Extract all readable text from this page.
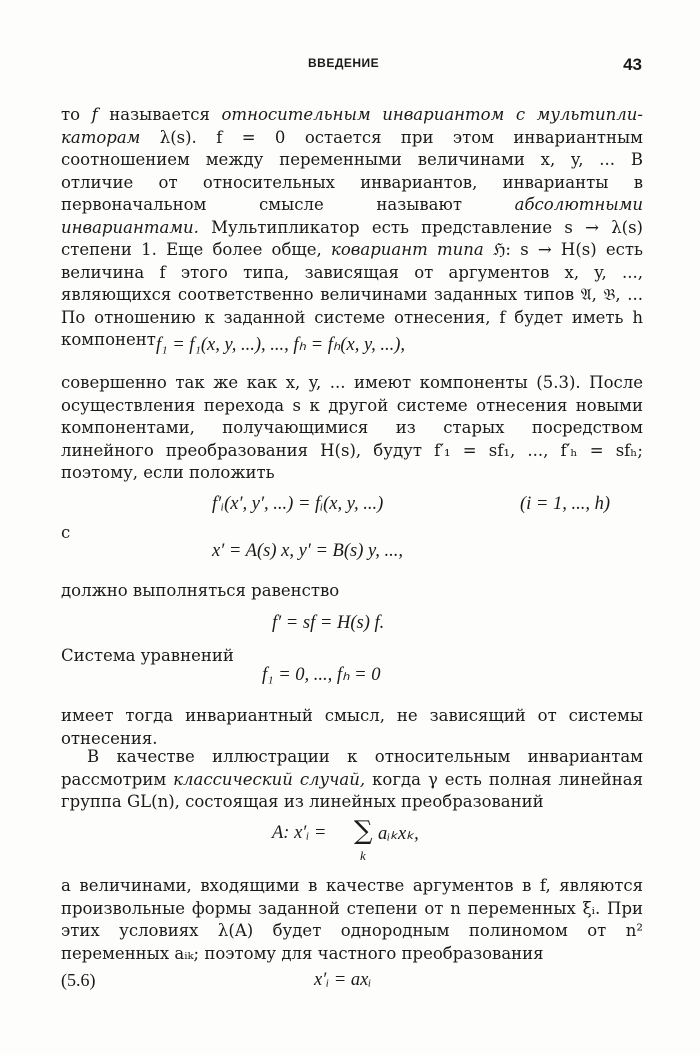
ВВЕДЕНИЕ	43
то f называется относительным инвариантом с мультипли-каторам λ(s). f = 0 остается при этом инвариантным соотношением между переменными величинами x, y, ... В отличие от относительных инвариантов, инварианты в первоначальном смысле называют абсолютными инвариантами. Мультипликатор есть представление s → λ(s) степени 1. Еще более обще, ковариант типа ℌ: s → H(s) есть величина f этого типа, зависящая от аргументов x, y, ..., являющихся соответственно величинами заданных типов 𝔄, 𝔅, ... По отношению к заданной системе отнесения, f будет иметь h компонент f₁ = f₁(x, y, ...), ..., fₕ = fₕ(x, y, ...),
совершенно так же как x, y, ... имеют компоненты (5.3). После осуществления перехода s к другой системе отнесения новыми компонентами, получающимися из старых посредством линейного преобразования H(s), будут f′₁ = sf₁, ..., f′ₕ = sfₕ; поэтому, если положить
f′ᵢ(x′, y′, ...) = fᵢ(x, y, ...)	(i = 1, ..., h)
с
x′ = A(s) x, y′ = B(s) y, ...,
должно выполняться равенство
f′ = sf = H(s) f.
Система уравнений
f₁ = 0, ..., fₕ = 0
имеет тогда инвариантный смысл, не зависящий от системы отнесения.
В качестве иллюстрации к относительным инвариантам рассмотрим классический случай, когда γ есть полная линейная группа GL(n), состоящая из линейных преобразований
A: x′ᵢ = ∑
k
aᵢₖxₖ,
а величинами, входящими в качестве аргументов в f, являются произвольные формы заданной степени от n переменных ξᵢ. При этих условиях λ(A) будет однородным полиномом от n² переменных aᵢₖ; поэтому для частного преобразования
(5.6)	x′ᵢ = axᵢ
